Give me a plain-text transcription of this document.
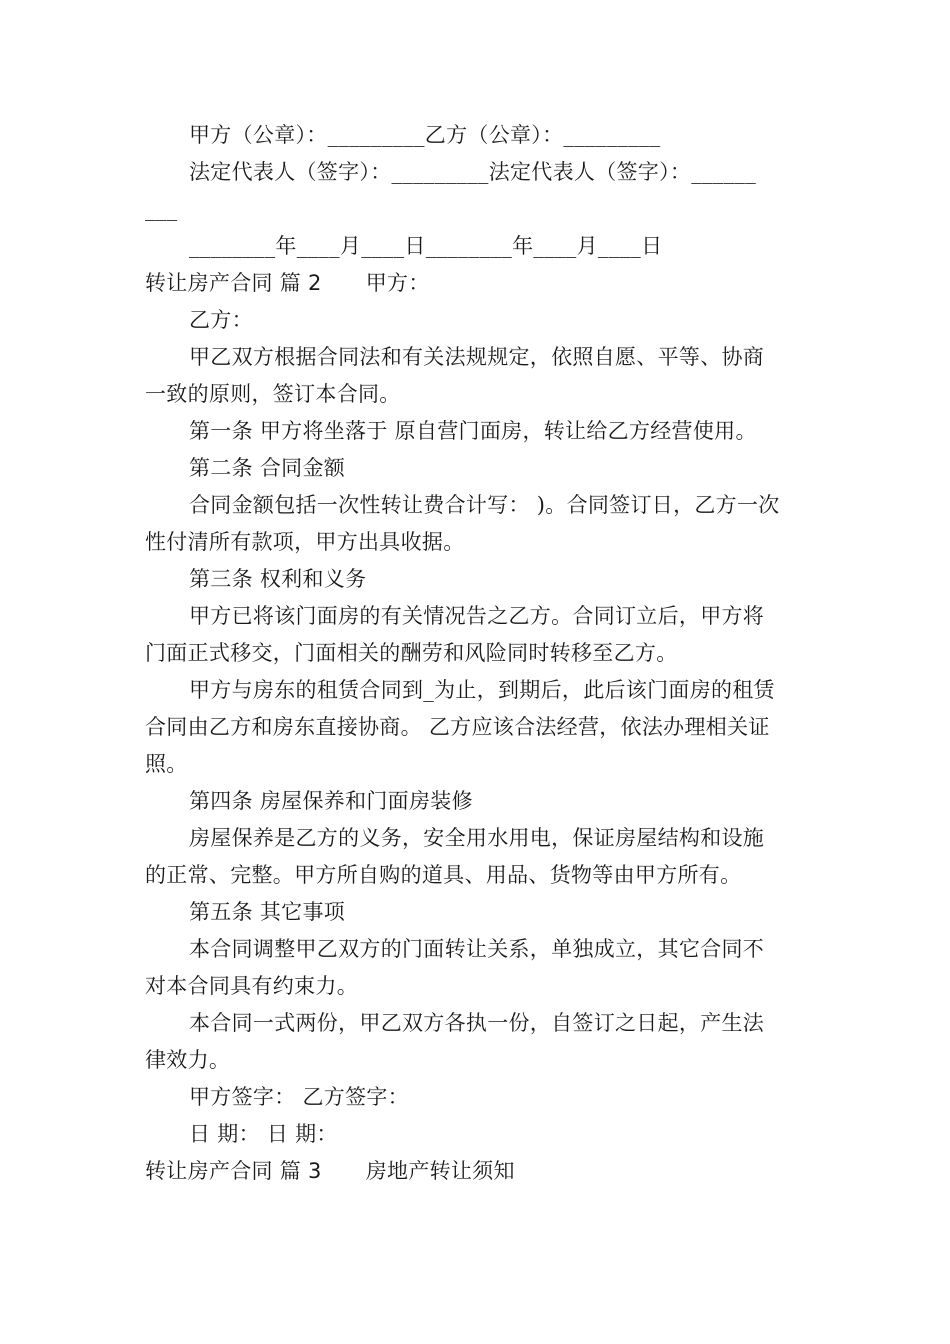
甲方（公章）：_________乙方（公章）：_________
法定代表人（签字）：_________法定代表人（签字）：______
___
________年____月____日________年____月____日
转让房产合同 篇 2 甲方：
乙方：
甲乙双方根据合同法和有关法规规定，依照自愿、平等、协商
一致的原则，签订本合同。
第一条 甲方将坐落于 原自营门面房，转让给乙方经营使用。
第二条 合同金额
合同金额包括一次性转让费合计写： )。合同签订日，乙方一次
性付清所有款项，甲方出具收据。
第三条 权利和义务
甲方已将该门面房的有关情况告之乙方。合同订立后，甲方将
门面正式移交，门面相关的酬劳和风险同时转移至乙方。
甲方与房东的租赁合同到_为止，到期后，此后该门面房的租赁
合同由乙方和房东直接协商。 乙方应该合法经营，依法办理相关证
照。
第四条 房屋保养和门面房装修
房屋保养是乙方的义务，安全用水用电，保证房屋结构和设施
的正常、完整。甲方所自购的道具、用品、货物等由甲方所有。
第五条 其它事项
本合同调整甲乙双方的门面转让关系，单独成立，其它合同不
对本合同具有约束力。
本合同一式两份，甲乙双方各执一份，自签订之日起，产生法
律效力。
甲方签字： 乙方签字：
日 期： 日 期：
转让房产合同 篇 3 房地产转让须知
